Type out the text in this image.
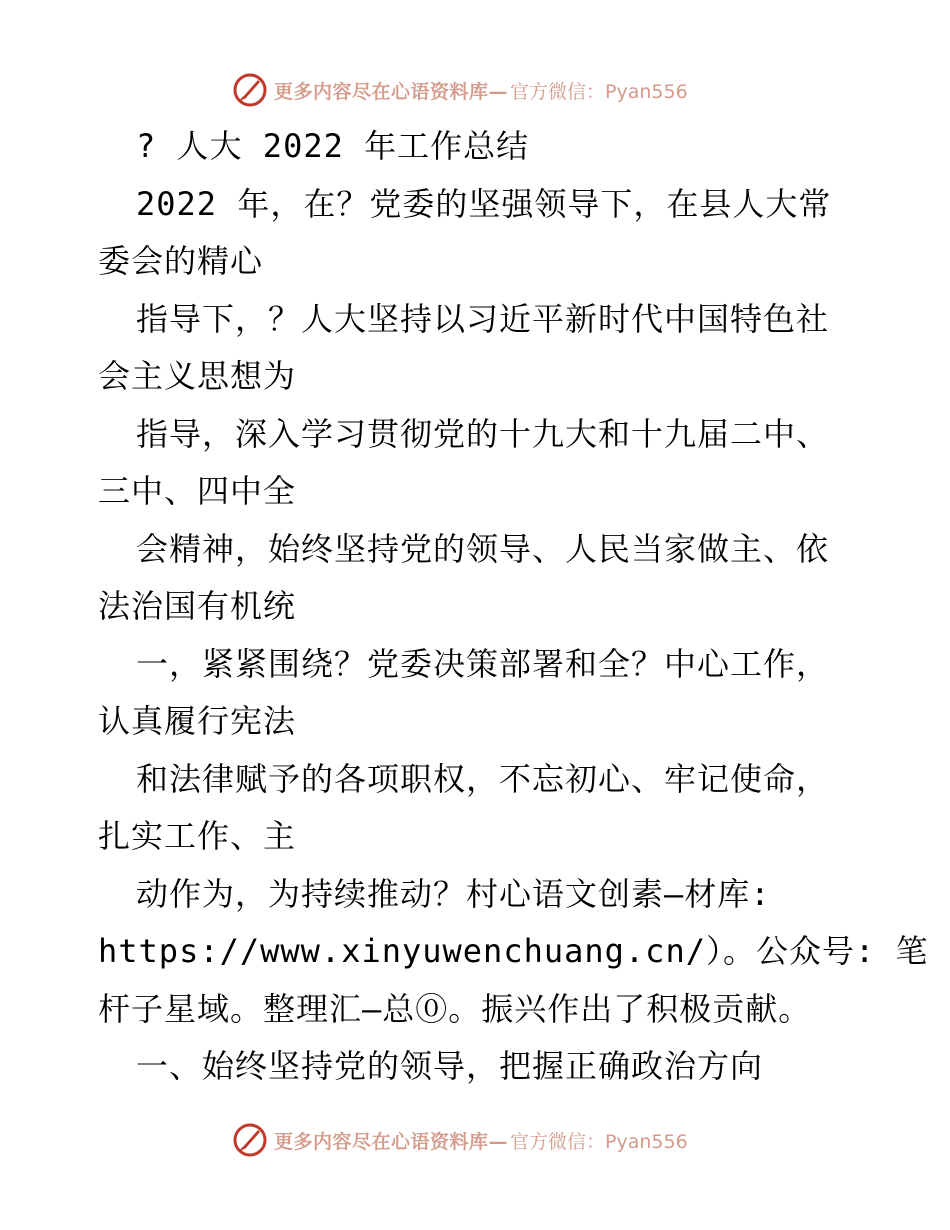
更多内容尽在心语资料库— 官方微信：Pyan556
? 人大 2022 年工作总结
2022 年，在？党委的坚强领导下，在县人大常
委会的精心
指导下，？人大坚持以习近平新时代中国特色社
会主义思想为
指导，深入学习贯彻党的十九大和十九届二中、
三中、四中全
会精神，始终坚持党的领导、人民当家做主、依
法治国有机统
一，紧紧围绕？党委决策部署和全？中心工作，
认真履行宪法
和法律赋予的各项职权，不忘初心、牢记使命，
扎实工作、主
动作为，为持续推动？村心语文创素—材库:
https://www.xinyuwenchuang.cn/）。公众号: 笔
杆子星域。整理汇—总⓪。振兴作出了积极贡献。
一、始终坚持党的领导，把握正确政治方向
更多内容尽在心语资料库— 官方微信：Pyan556
